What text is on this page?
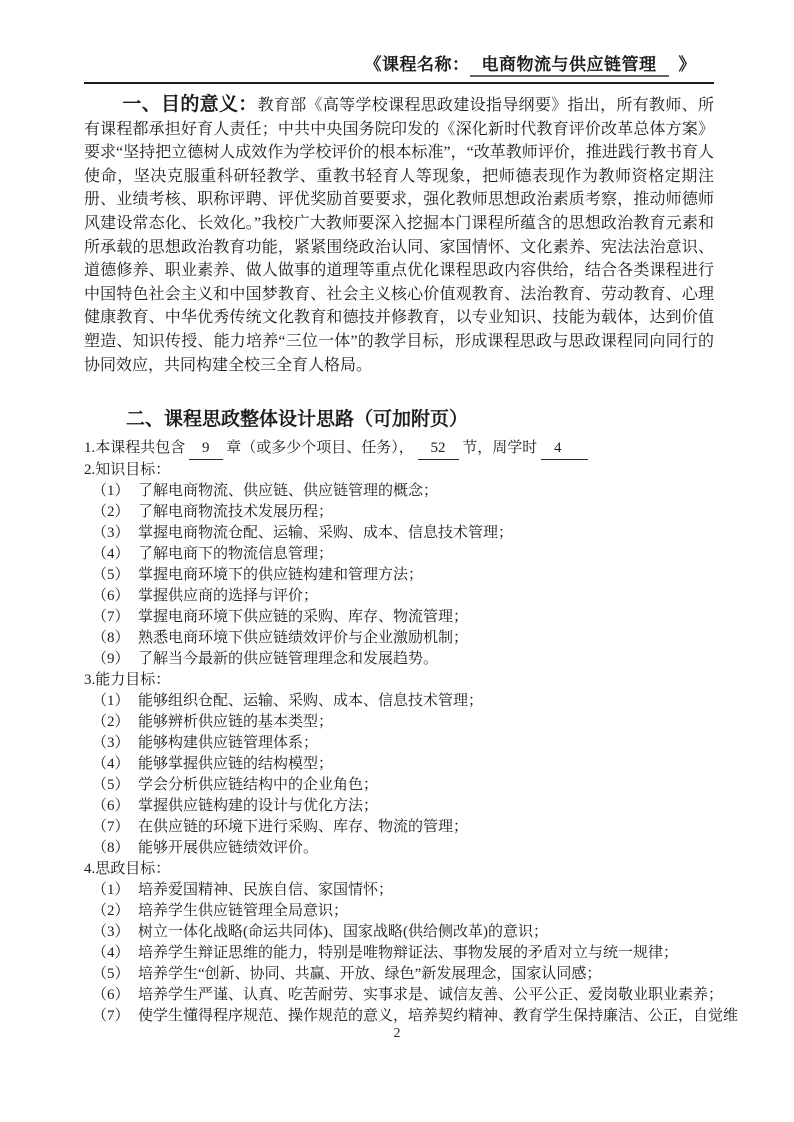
《课程名称： 电商物流与供应链管理 》

一、目的意义：教育部《高等学校课程思政建设指导纲要》指出，所有教师、所有课程都承担好育人责任；中共中央国务院印发的《深化新时代教育评价改革总体方案》要求“坚持把立德树人成效作为学校评价的根本标准”，“改革教师评价，推进践行教书育人使命，坚决克服重科研轻教学、重教书轻育人等现象，把师德表现作为教师资格定期注册、业绩考核、职称评聘、评优奖励首要要求，强化教师思想政治素质考察，推动师德师风建设常态化、长效化。”我校广大教师要深入挖掘本门课程所蕴含的思想政治教育元素和所承载的思想政治教育功能，紧紧围绕政治认同、家国情怀、文化素养、宪法法治意识、道德修养、职业素养、做人做事的道理等重点优化课程思政内容供给，结合各类课程进行中国特色社会主义和中国梦教育、社会主义核心价值观教育、法治教育、劳动教育、心理健康教育、中华优秀传统文化教育和德技并修教育，以专业知识、技能为载体，达到价值塑造、知识传授、能力培养“三位一体”的教学目标，形成课程思政与思政课程同向同行的协同效应，共同构建全校三全育人格局。

二、课程思政整体设计思路（可加附页）
1.本课程共包含 9 章（或多少个项目、任务）， 52 节，周学时 4
2.知识目标：
（1） 了解电商物流、供应链、供应链管理的概念；
（2） 了解电商物流技术发展历程；
（3） 掌握电商物流仓配、运输、采购、成本、信息技术管理；
（4） 了解电商下的物流信息管理；
（5） 掌握电商环境下的供应链构建和管理方法；
（6） 掌握供应商的选择与评价；
（7） 掌握电商环境下供应链的采购、库存、物流管理；
（8） 熟悉电商环境下供应链绩效评价与企业激励机制；
（9） 了解当今最新的供应链管理理念和发展趋势。
3.能力目标：
（1） 能够组织仓配、运输、采购、成本、信息技术管理；
（2） 能够辨析供应链的基本类型；
（3） 能够构建供应链管理体系；
（4） 能够掌握供应链的结构模型；
（5） 学会分析供应链结构中的企业角色；
（6） 掌握供应链构建的设计与优化方法；
（7） 在供应链的环境下进行采购、库存、物流的管理；
（8） 能够开展供应链绩效评价。
4.思政目标：
（1） 培养爱国精神、民族自信、家国情怀；
（2） 培养学生供应链管理全局意识；
（3） 树立一体化战略(命运共同体)、国家战略(供给侧改革)的意识；
（4） 培养学生辩证思维的能力，特别是唯物辩证法、事物发展的矛盾对立与统一规律；
（5） 培养学生“创新、协同、共赢、开放、绿色”新发展理念，国家认同感；
（6） 培养学生严谨、认真、吃苦耐劳、实事求是、诚信友善、公平公正、爱岗敬业职业素养；
（7） 使学生懂得程序规范、操作规范的意义，培养契约精神、教育学生保持廉洁、公正，自觉维
2
